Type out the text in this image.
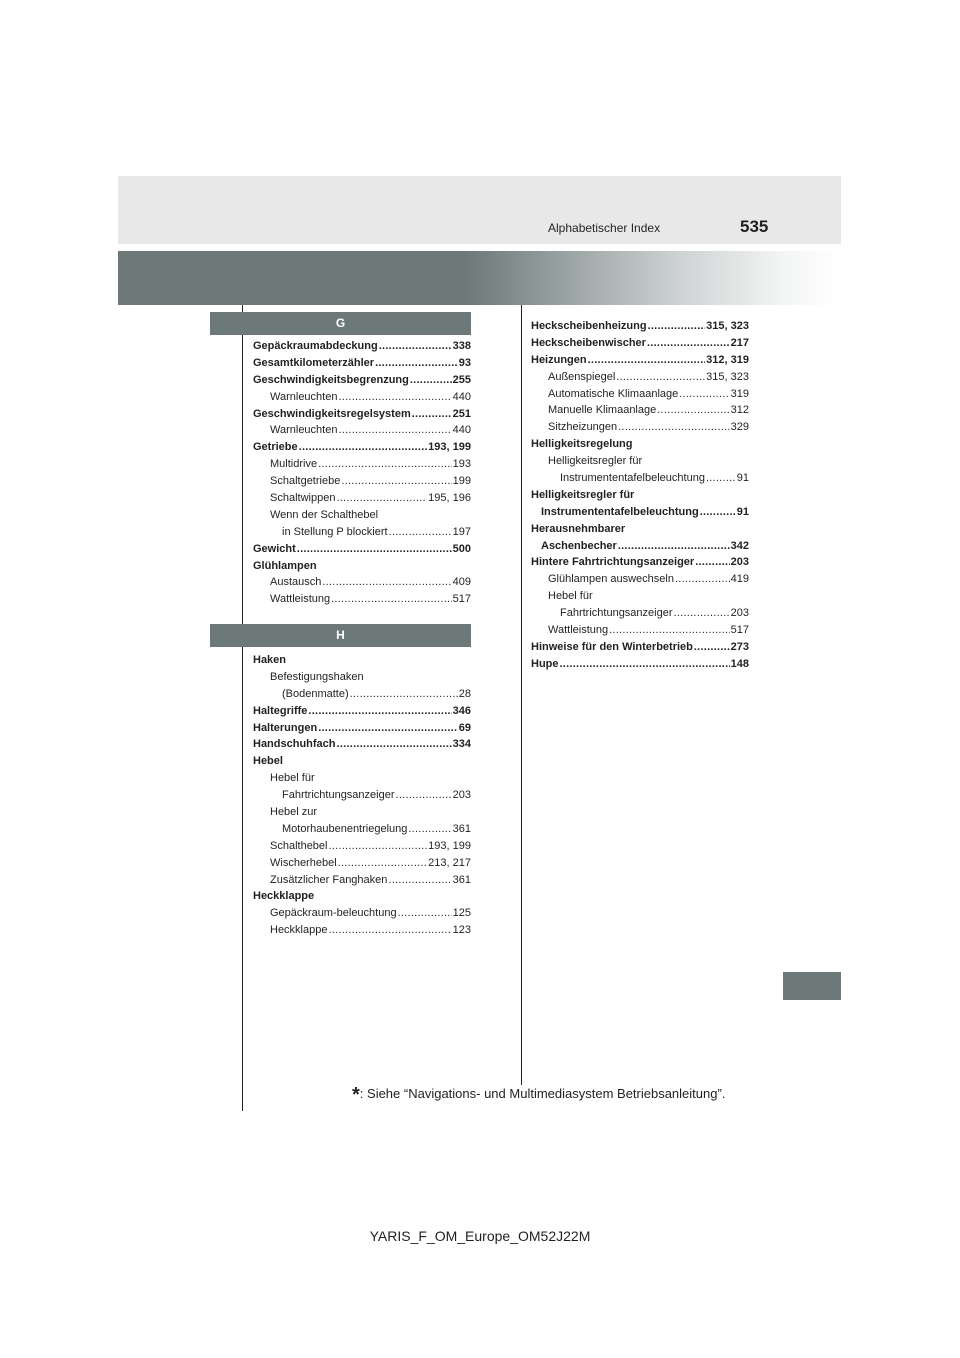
Alphabetischer Index	535
G
Gepäckraumabdeckung . . .	338
Gesamtkilometerzähler . . .	93
Geschwindigkeitsbegrenzung . . .	255
Warnleuchten . . .	440
Geschwindigkeitsregelsystem . . .	251
Warnleuchten . . .	440
Getriebe . . .	193, 199
Multidrive . . .	193
Schaltgetriebe . . .	199
Schaltwippen . . .	195, 196
Wenn der Schalthebel
in Stellung P blockiert . . .	197
Gewicht . . .	500
Glühlampen
Austausch . . .	409
Wattleistung . . .	517
H
Haken
Befestigungshaken
(Bodenmatte) . . .	28
Haltegriffe . . .	346
Halterungen . . .	69
Handschuhfach . . .	334
Hebel
Hebel für
Fahrtrichtungsanzeiger . . .	203
Hebel zur
Motorhaubenentriegelung . . .	361
Schalthebel . . .	193, 199
Wischerhebel . . .	213, 217
Zusätzlicher Fanghaken . . .	361
Heckklappe
Gepäckraum-beleuchtung . . .	125
Heckklappe . . .	123
Heckscheibenheizung . . .	315, 323
Heckscheibenwischer . . .	217
Heizungen . . .	312, 319
Außenspiegel . . .	315, 323
Automatische Klimaanlage . . .	319
Manuelle Klimaanlage . . .	312
Sitzheizungen . . .	329
Helligkeitsregelung
Helligkeitsregler für
Instrumententafelbeleuchtung . . .	91
Helligkeitsregler für
Instrumententafelbeleuchtung . . .	91
Herausnehmbarer
Aschenbecher . . .	342
Hintere Fahrtrichtungsanzeiger . . .	203
Glühlampen auswechseln . . .	419
Hebel für
Fahrtrichtungsanzeiger . . .	203
Wattleistung . . .	517
Hinweise für den Winterbetrieb . . .	273
Hupe . . .	148
*: Siehe “Navigations- und Multimediasystem Betriebsanleitung”.
YARIS_F_OM_Europe_OM52J22M
